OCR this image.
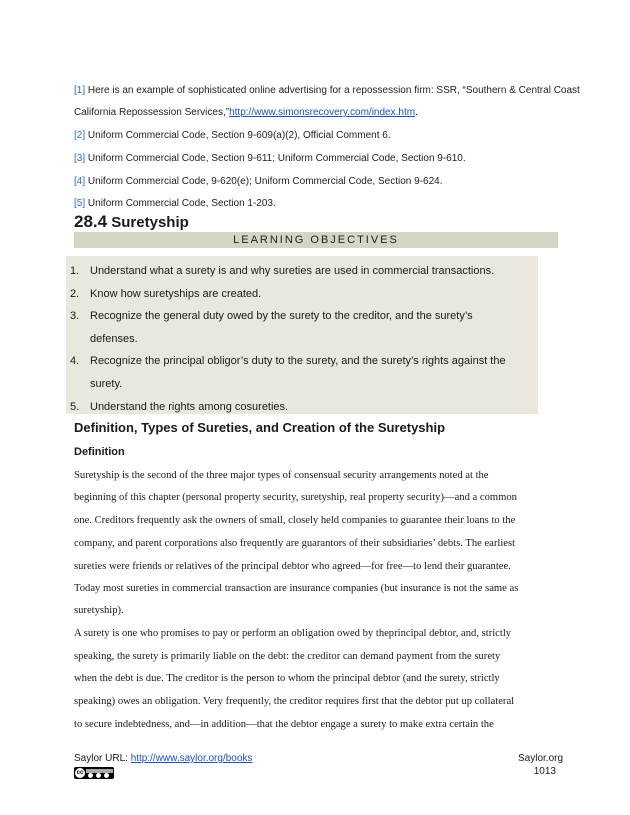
[1] Here is an example of sophisticated online advertising for a repossession firm: SSR, “Southern & Central Coast
California Repossession Services,”http://www.simonsrecovery.com/index.htm.
[2] Uniform Commercial Code, Section 9-609(a)(2), Official Comment 6.
[3] Uniform Commercial Code, Section 9-611; Uniform Commercial Code, Section 9-610.
[4] Uniform Commercial Code, 9-620(e); Uniform Commercial Code, Section 9-624.
[5] Uniform Commercial Code, Section 1-203.
28.4 Suretyship
LEARNING OBJECTIVES
1. Understand what a surety is and why sureties are used in commercial transactions.
2. Know how suretyships are created.
3. Recognize the general duty owed by the surety to the creditor, and the surety’s
defenses.
4. Recognize the principal obligor’s duty to the surety, and the surety’s rights against the
surety.
5. Understand the rights among cosureties.
Definition, Types of Sureties, and Creation of the Suretyship
Definition
Suretyship is the second of the three major types of consensual security arrangements noted at the
beginning of this chapter (personal property security, suretyship, real property security)—and a common
one. Creditors frequently ask the owners of small, closely held companies to guarantee their loans to the
company, and parent corporations also frequently are guarantors of their subsidiaries’ debts. The earliest
sureties were friends or relatives of the principal debtor who agreed—for free—to lend their guarantee.
Today most sureties in commercial transaction are insurance companies (but insurance is not the same as
suretyship).
A surety is one who promises to pay or perform an obligation owed by theprincipal debtor, and, strictly
speaking, the surety is primarily liable on the debt: the creditor can demand payment from the surety
when the debt is due. The creditor is the person to whom the principal debtor (and the surety, strictly
speaking) owes an obligation. Very frequently, the creditor requires first that the debtor put up collateral
to secure indebtedness, and—in addition—that the debtor engage a surety to make extra certain the
Saylor URL: http://www.saylor.org/books
cc
Saylor.org
1013
